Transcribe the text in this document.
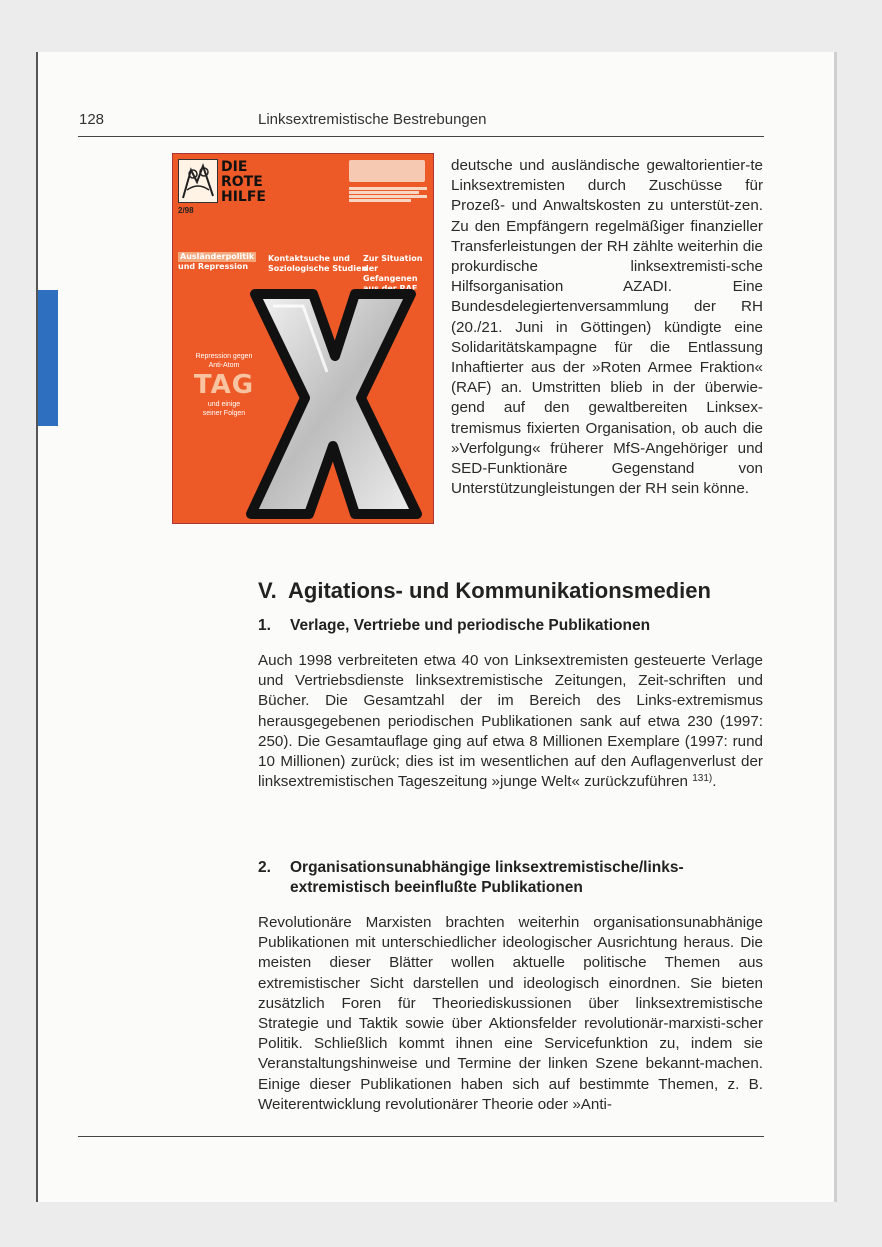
128	Linksextremistische Bestrebungen
DIE
ROTE
HILFE
2/98
Ausländerpolitik
und Repression
Kontaktsuche und
Soziologische Studien
Zur Situation
der Gefangenen
aus der RAF
Repression gegen
Anti-Atom
TAG
und einige
seiner Folgen

deutsche und ausländische gewaltorientier-te Linksextremisten durch Zuschüsse für Prozeß- und Anwaltskosten zu unterstüt-zen. Zu den Empfängern regelmäßiger finanzieller Transferleistungen der RH zählte weiterhin die prokurdische linksextremisti-sche Hilfsorganisation AZADI. Eine Bundesdelegiertenversammlung der RH (20./21. Juni in Göttingen) kündigte eine Solidaritätskampagne für die Entlassung Inhaftierter aus der »Roten Armee Fraktion« (RAF) an. Umstritten blieb in der überwie-gend auf den gewaltbereiten Linksex-tremismus fixierten Organisation, ob auch die »Verfolgung« früherer MfS-Angehöriger und SED-Funktionäre Gegenstand von Unterstützungleistungen der RH sein könne.

V. Agitations- und Kommunikationsmedien
1. Verlage, Vertriebe und periodische Publikationen

Auch 1998 verbreiteten etwa 40 von Linksextremisten gesteuerte Verlage und Vertriebsdienste linksextremistische Zeitungen, Zeit-schriften und Bücher. Die Gesamtzahl der im Bereich des Links-extremismus herausgegebenen periodischen Publikationen sank auf etwa 230 (1997: 250). Die Gesamtauflage ging auf etwa 8 Millionen Exemplare (1997: rund 10 Millionen) zurück; dies ist im wesentlichen auf den Auflagenverlust der linksextremistischen Tageszeitung »junge Welt« zurückzuführen $^{131)}$.

2. Organisationsunabhängige linksextremistische/links-
extremistisch beeinflußte Publikationen

Revolutionäre Marxisten brachten weiterhin organisationsunabhänige Publikationen mit unterschiedlicher ideologischer Ausrichtung heraus. Die meisten dieser Blätter wollen aktuelle politische Themen aus extremistischer Sicht darstellen und ideologisch einordnen. Sie bieten zusätzlich Foren für Theoriediskussionen über linksextremistische Strategie und Taktik sowie über Aktionsfelder revolutionär-marxisti-scher Politik. Schließlich kommt ihnen eine Servicefunktion zu, indem sie Veranstaltungshinweise und Termine der linken Szene bekannt-machen. Einige dieser Publikationen haben sich auf bestimmte Themen, z. B. Weiterentwicklung revolutionärer Theorie oder »Anti-
